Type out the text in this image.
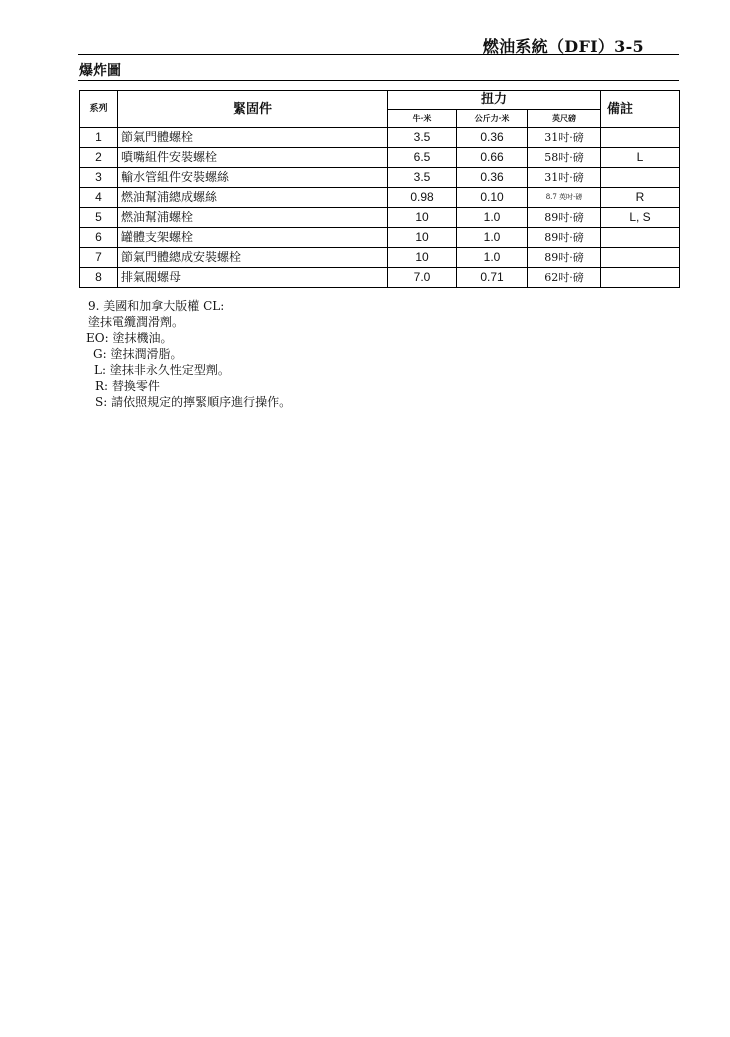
燃油系統（DFI）3-5
爆炸圖
系列	緊固件	扭力			備註
		牛·米	公斤力·米	英尺磅	
1	節氣門體螺栓	3.5	0.36	31吋·磅	
2	噴嘴組件安裝螺栓	6.5	0.66	58吋·磅	L
3	輸水管組件安裝螺絲	3.5	0.36	31吋·磅	
4	燃油幫浦總成螺絲	0.98	0.10	8.7 英吋·磅	R
5	燃油幫浦螺栓	10	1.0	89吋·磅	L, S
6	罐體支架螺栓	10	1.0	89吋·磅	
7	節氣門體總成安裝螺栓	10	1.0	89吋·磅	
8	排氣閥螺母	7.0	0.71	62吋·磅	
9. 美國和加拿大版權 CL:
塗抹電纜潤滑劑。
EO: 塗抹機油。
G: 塗抹潤滑脂。
L: 塗抹非永久性定型劑。
R: 替換零件
S: 請依照規定的擰緊順序進行操作。
